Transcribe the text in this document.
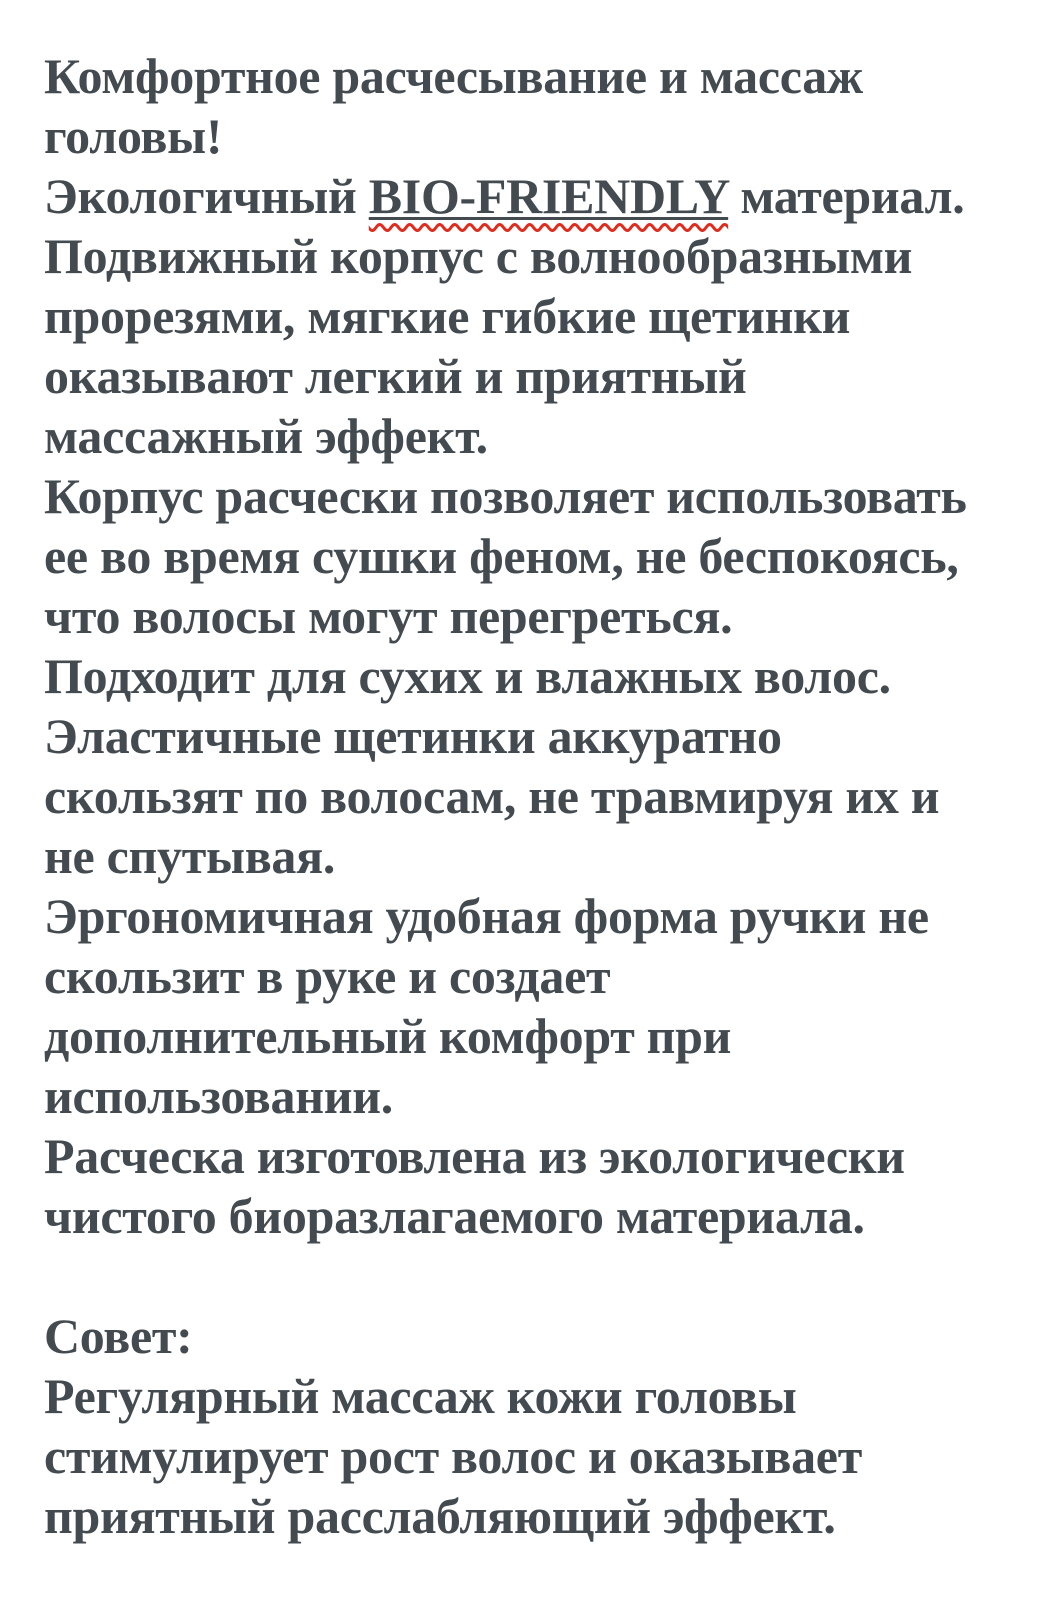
Комфортное расчесывание и массаж
головы!
Экологичный BIO-FRIENDLY материал.
Подвижный корпус с волнообразными
прорезями, мягкие гибкие щетинки
оказывают легкий и приятный
массажный эффект.
Корпус расчески позволяет использовать
ее во время сушки феном, не беспокоясь,
что волосы могут перегреться.
Подходит для сухих и влажных волос.
Эластичные щетинки аккуратно
скользят по волосам, не травмируя их и
не спутывая.
Эргономичная удобная форма ручки не
скользит в руке и создает
дополнительный комфорт при
использовании.
Расческа изготовлена из экологически
чистого биоразлагаемого материала.
Совет:
Регулярный массаж кожи головы
стимулирует рост волос и оказывает
приятный расслабляющий эффект.
